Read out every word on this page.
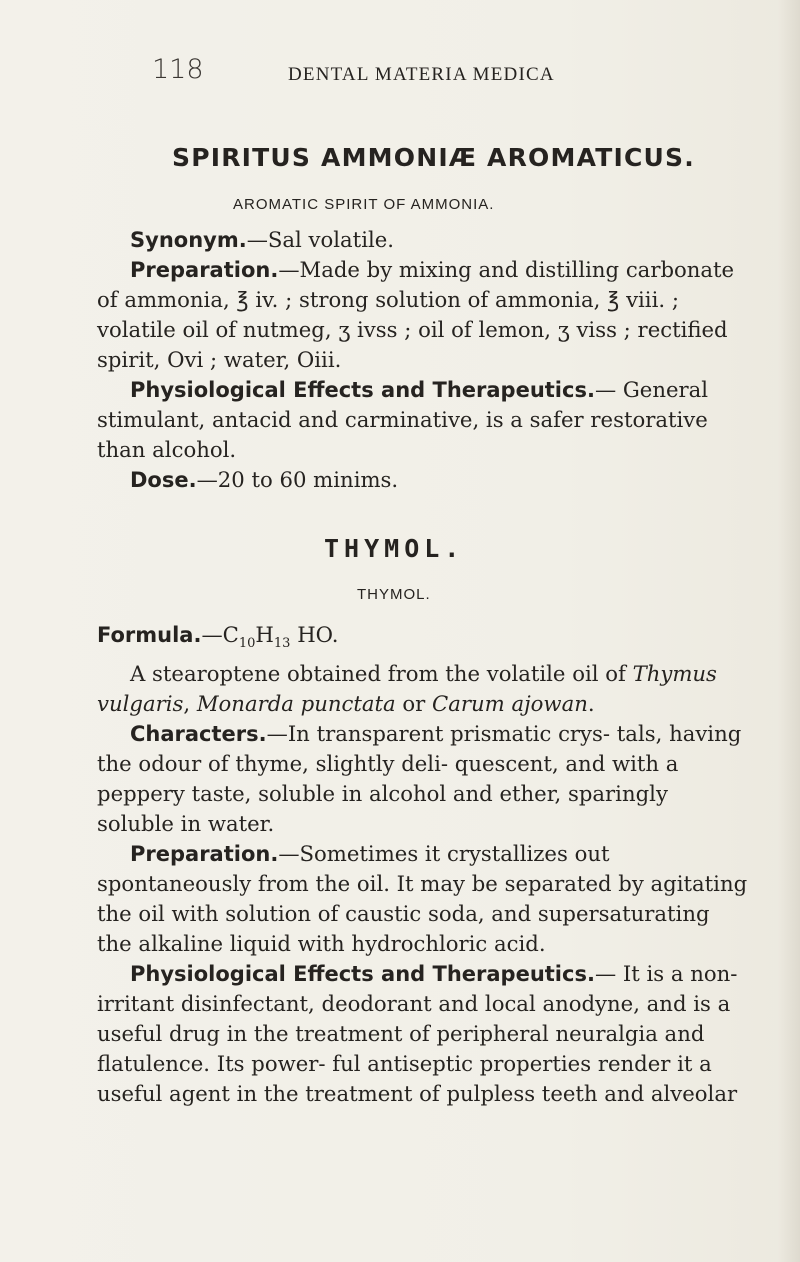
118	DENTAL MATERIA MEDICA
SPIRITUS AMMONIÆ AROMATICUS.
AROMATIC SPIRIT OF AMMONIA.

Synonym.—Sal volatile.

Preparation.—Made by mixing and distilling carbonate of ammonia, ℥ iv. ; strong solution of ammonia, ℥ viii. ; volatile oil of nutmeg, ʒ ivss ; oil of lemon, ʒ viss ; rectified spirit, Ovi ; water, Oiii.

Physiological Effects and Therapeutics.— General stimulant, antacid and carminative, is a safer restorative than alcohol.

Dose.—20 to 60 minims.

THYMOL.
THYMOL.

$Formula.—C_{10}H_{13}$ HO.

A stearoptene obtained from the volatile oil of Thymus vulgaris, Monarda punctata or Carum ajowan.

Characters.—In transparent prismatic crys- tals, having the odour of thyme, slightly deli- quescent, and with a peppery taste, soluble in alcohol and ether, sparingly soluble in water.

Preparation.—Sometimes it crystallizes out spontaneously from the oil. It may be separated by agitating the oil with solution of caustic soda, and supersaturating the alkaline liquid with hydrochloric acid.

Physiological Effects and Therapeutics.— It is a non-irritant disinfectant, deodorant and local anodyne, and is a useful drug in the treatment of peripheral neuralgia and flatulence. Its power- ful antiseptic properties render it a useful agent in the treatment of pulpless teeth and alveolar
